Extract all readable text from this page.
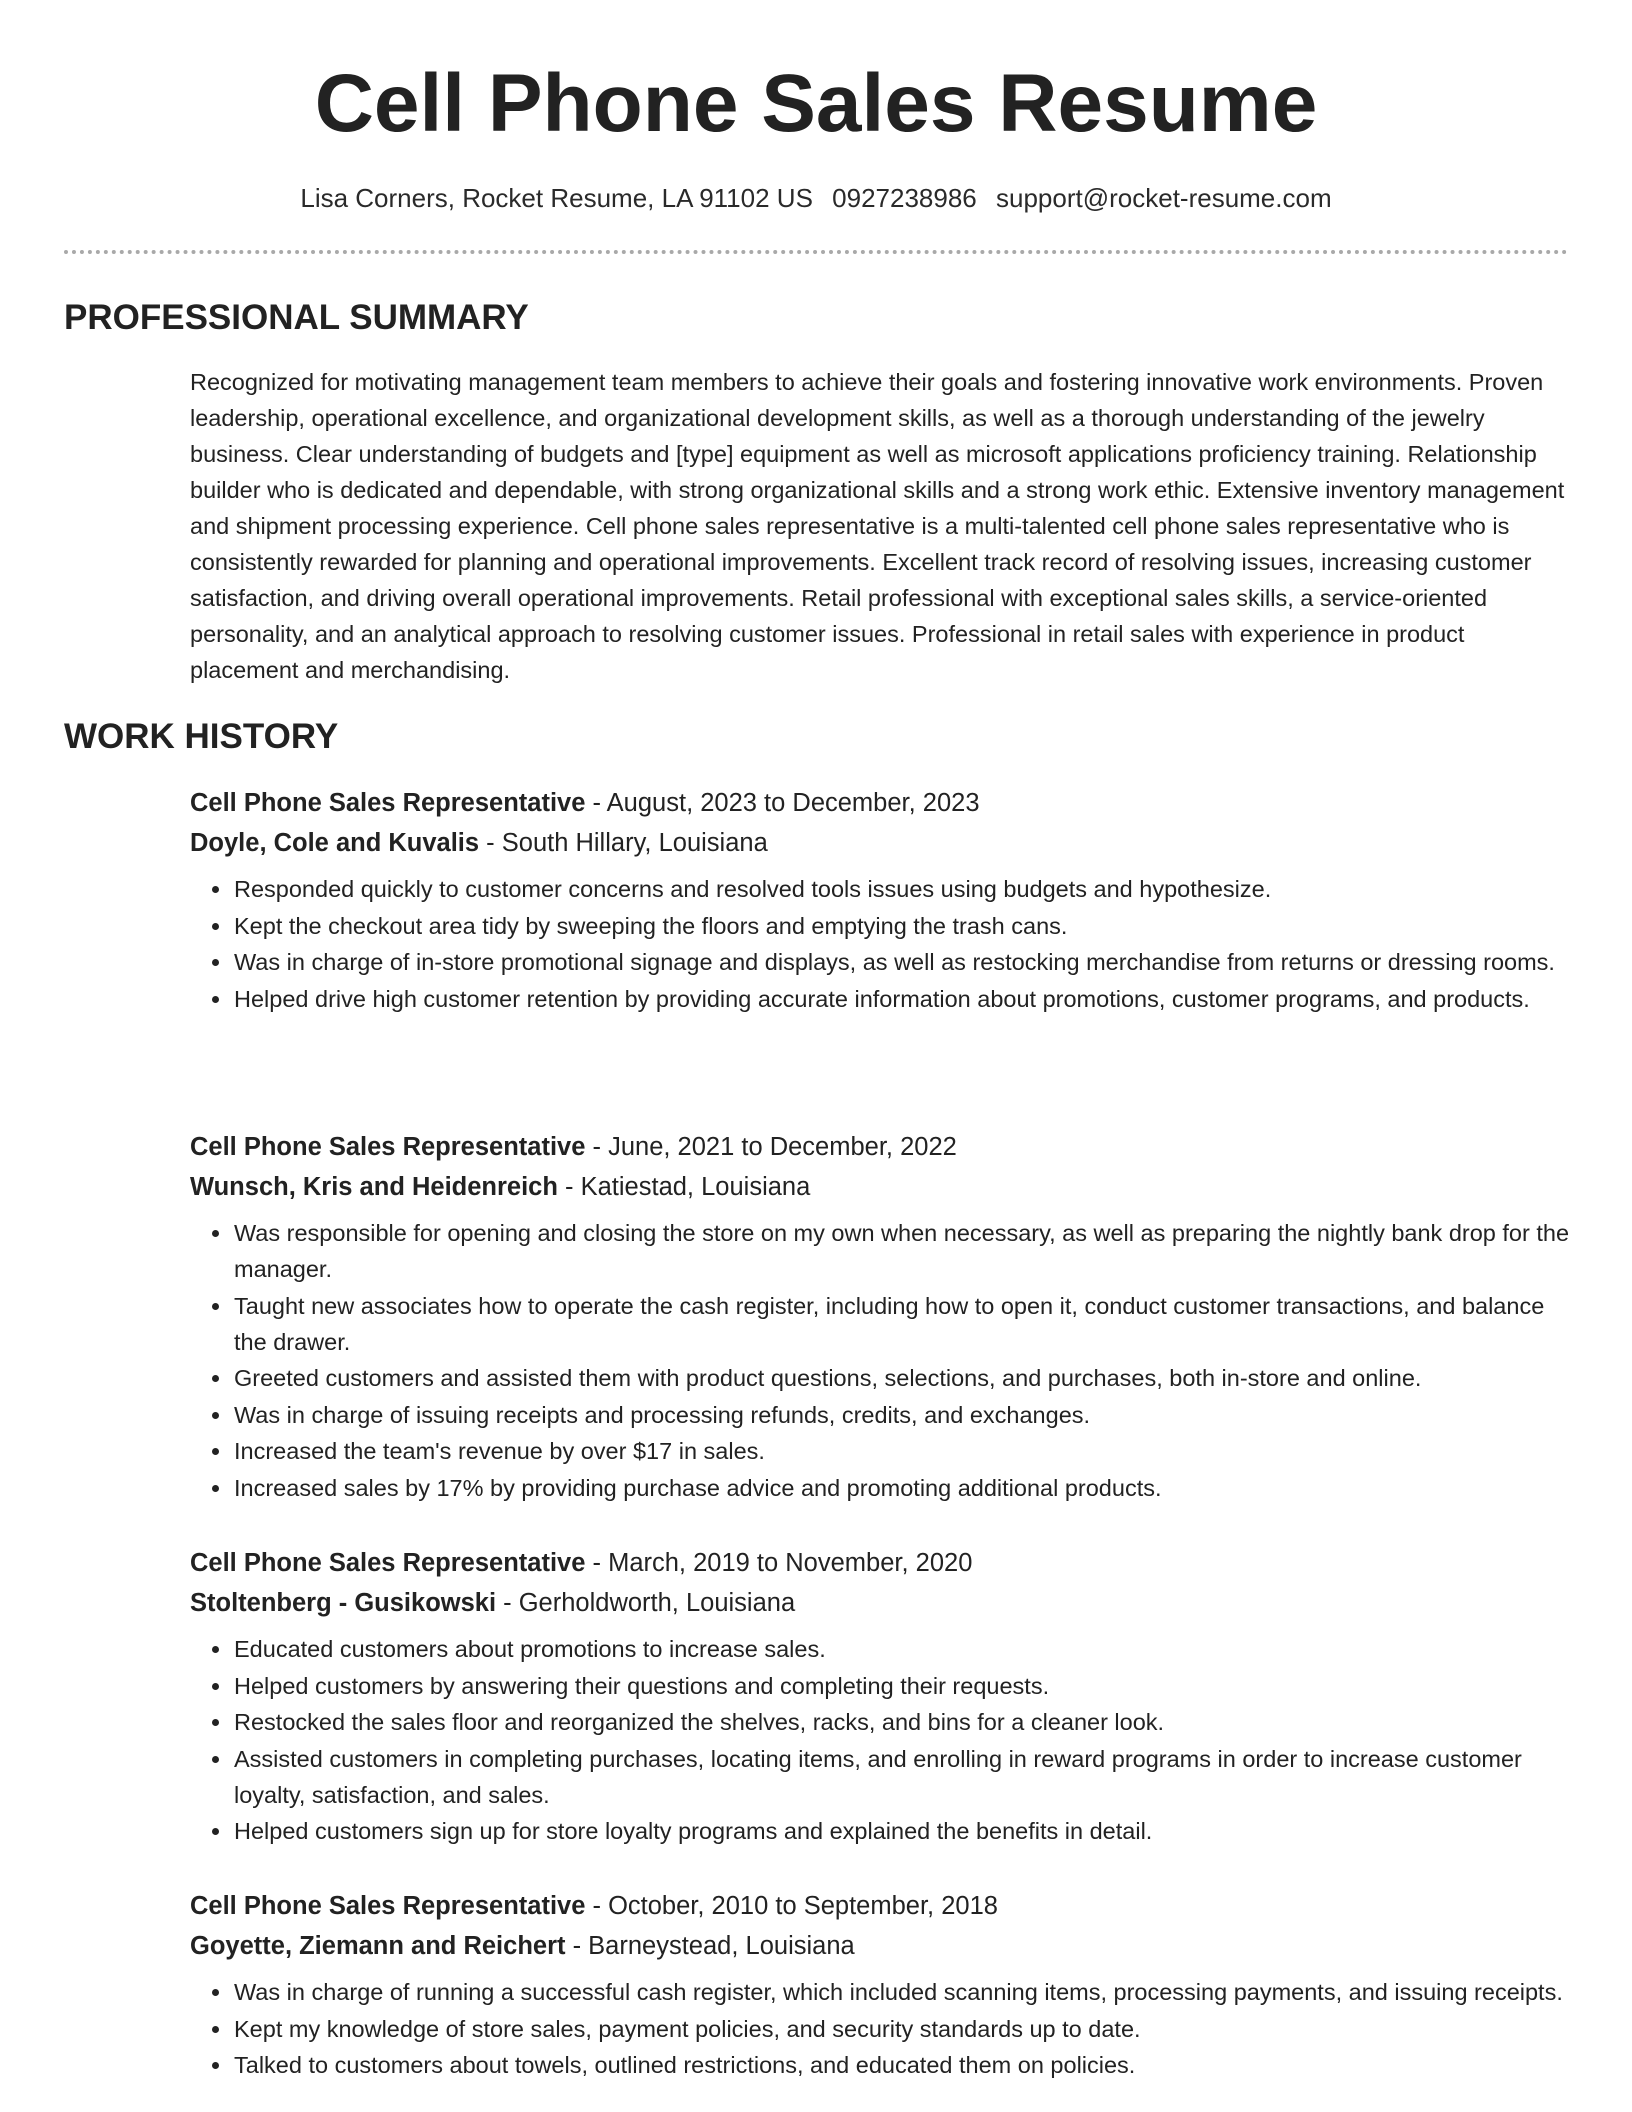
Cell Phone Sales Resume
Lisa Corners, Rocket Resume, LA 91102 US 0927238986 support@rocket-resume.com
PROFESSIONAL SUMMARY

Recognized for motivating management team members to achieve their goals and fostering innovative work environments. Proven leadership, operational excellence, and organizational development skills, as well as a thorough understanding of the jewelry business. Clear understanding of budgets and [type] equipment as well as microsoft applications proficiency training. Relationship builder who is dedicated and dependable, with strong organizational skills and a strong work ethic. Extensive inventory management and shipment processing experience. Cell phone sales representative is a multi-talented cell phone sales representative who is consistently rewarded for planning and operational improvements. Excellent track record of resolving issues, increasing customer satisfaction, and driving overall operational improvements. Retail professional with exceptional sales skills, a service-oriented personality, and an analytical approach to resolving customer issues. Professional in retail sales with experience in product placement and merchandising.

WORK HISTORY

Cell Phone Sales Representative - August, 2023 to December, 2023

Doyle, Cole and Kuvalis - South Hillary, Louisiana

• Responded quickly to customer concerns and resolved tools issues using budgets and hypothesize.
• Kept the checkout area tidy by sweeping the floors and emptying the trash cans.
• Was in charge of in-store promotional signage and displays, as well as restocking merchandise from returns or dressing rooms.
• Helped drive high customer retention by providing accurate information about promotions, customer programs, and products.

Cell Phone Sales Representative - June, 2021 to December, 2022

Wunsch, Kris and Heidenreich - Katiestad, Louisiana

• Was responsible for opening and closing the store on my own when necessary, as well as preparing the nightly bank drop for the manager.
• Taught new associates how to operate the cash register, including how to open it, conduct customer transactions, and balance the drawer.
• Greeted customers and assisted them with product questions, selections, and purchases, both in-store and online.
• Was in charge of issuing receipts and processing refunds, credits, and exchanges.
• Increased the team's revenue by over $17 in sales.
• Increased sales by 17% by providing purchase advice and promoting additional products.

Cell Phone Sales Representative - March, 2019 to November, 2020

Stoltenberg - Gusikowski - Gerholdworth, Louisiana

• Educated customers about promotions to increase sales.
• Helped customers by answering their questions and completing their requests.
• Restocked the sales floor and reorganized the shelves, racks, and bins for a cleaner look.
• Assisted customers in completing purchases, locating items, and enrolling in reward programs in order to increase customer loyalty, satisfaction, and sales.
• Helped customers sign up for store loyalty programs and explained the benefits in detail.

Cell Phone Sales Representative - October, 2010 to September, 2018

Goyette, Ziemann and Reichert - Barneystead, Louisiana

• Was in charge of running a successful cash register, which included scanning items, processing payments, and issuing receipts.
• Kept my knowledge of store sales, payment policies, and security standards up to date.
• Talked to customers about towels, outlined restrictions, and educated them on policies.
